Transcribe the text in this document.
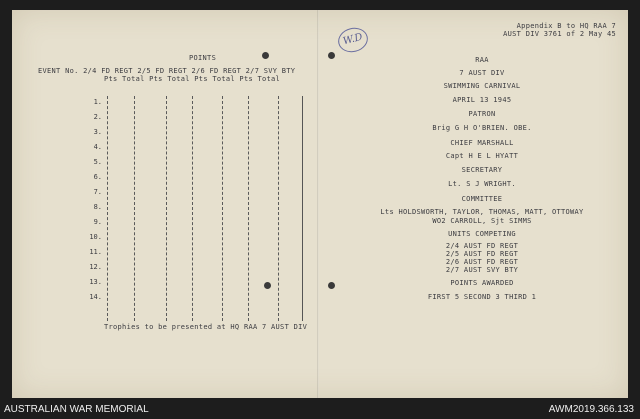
Appendix B to HQ RAA 7
AUST DIV 3761 of 2 May 45
W.D
POINTS
EVENT No. 2/4 FD REGT 2/5 FD REGT 2/6 FD REGT 2/7 SVY BTY
Pts Total Pts Total Pts Total Pts Total
1.
2.
3.
4.
5.
6.
7.
8.
9.
10.
11.
12.
13.
14.
Trophies to be presented at HQ RAA 7 AUST DIV
RAA
7 AUST DIV
SWIMMING CARNIVAL
APRIL 13 1945
PATRON
Brig G H O'BRIEN. OBE.
CHIEF MARSHALL
Capt H E L HYATT
SECRETARY
Lt. S J WRIGHT.
COMMITTEE
Lts HOLDSWORTH, TAYLOR, THOMAS, MATT, OTTOWAY
WO2 CARROLL, Sjt SIMMS
UNITS COMPETING
2/4 AUST FD REGT
2/5 AUST FD REGT
2/6 AUST FD REGT
2/7 AUST SVY BTY
POINTS AWARDED
FIRST 5 SECOND 3 THIRD 1
AUSTRALIAN WAR MEMORIAL	AWM2019.366.133
